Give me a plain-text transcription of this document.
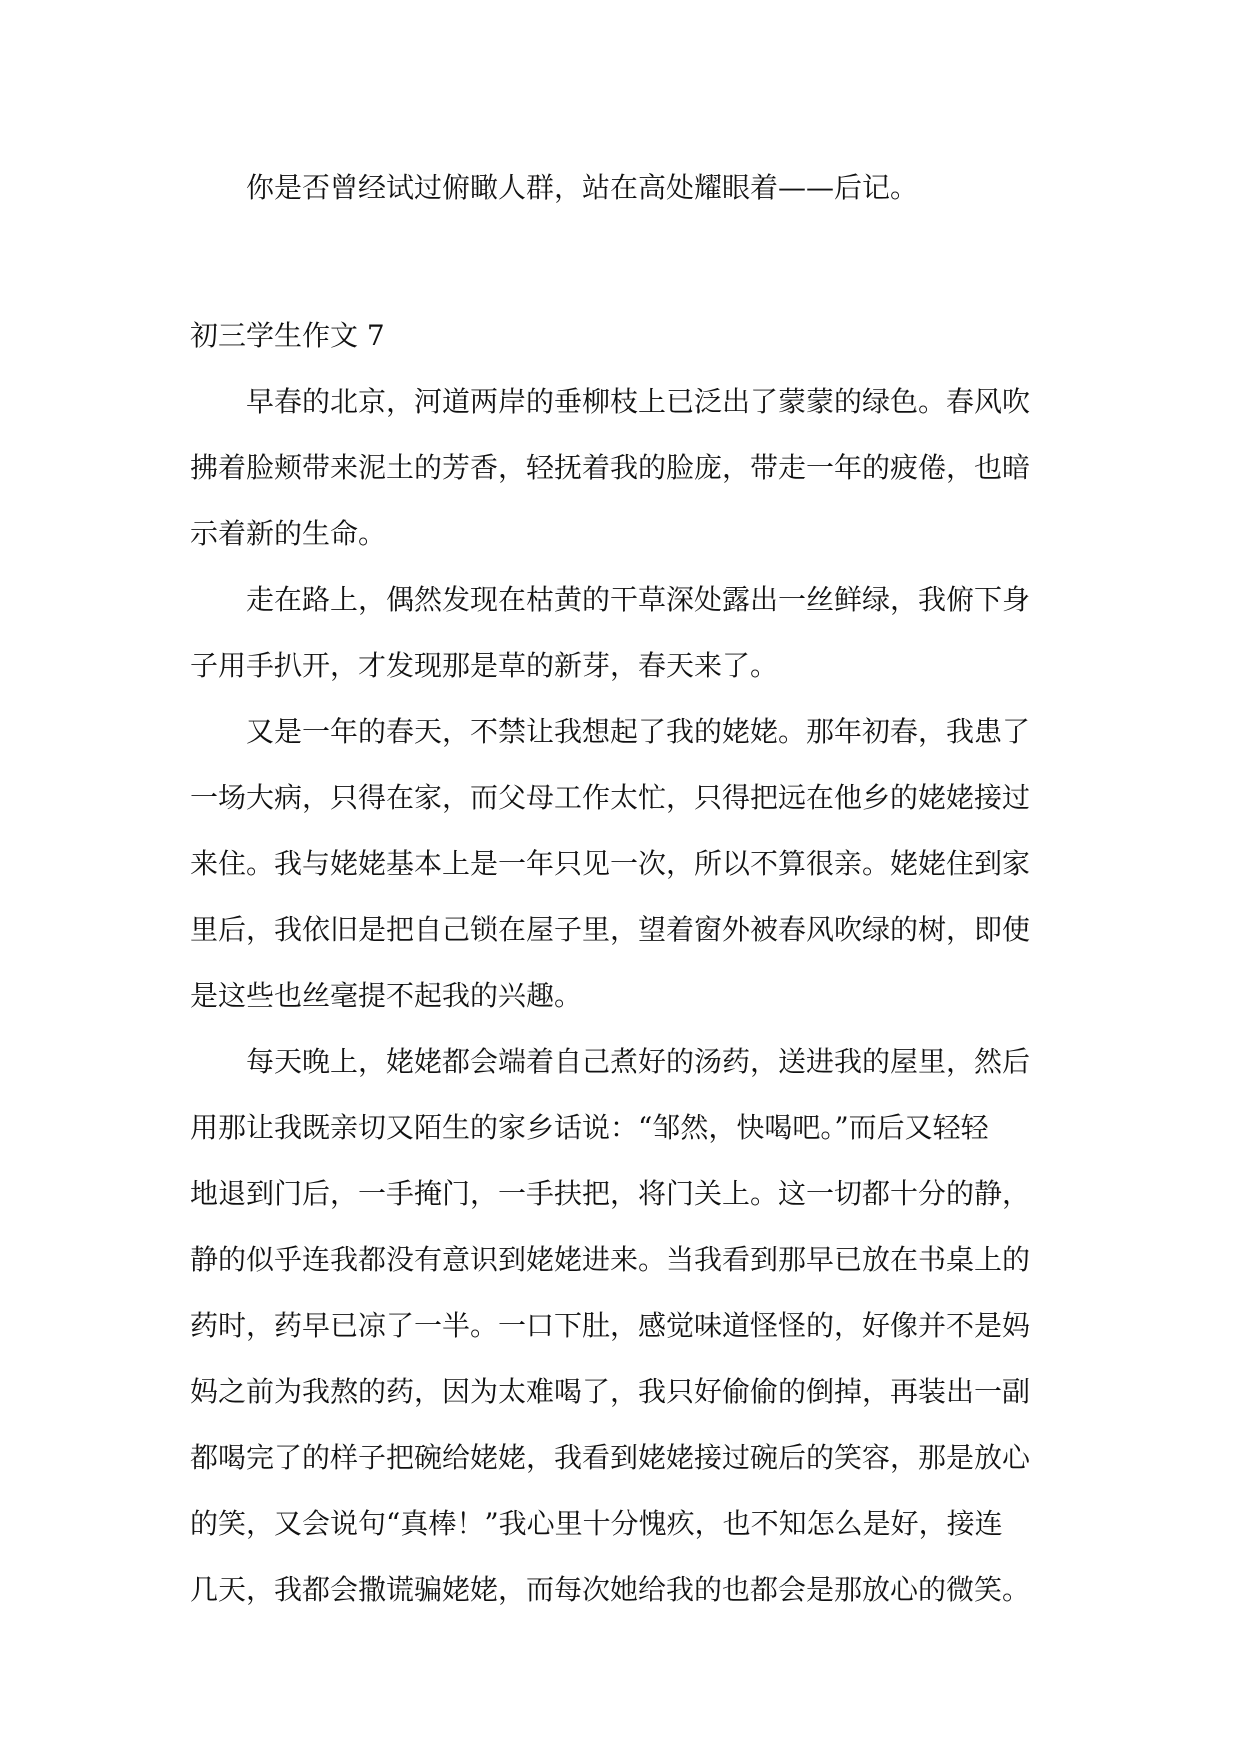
你是否曾经试过俯瞰人群，站在高处耀眼着——后记。

初三学生作文 7

早春的北京，河道两岸的垂柳枝上已泛出了蒙蒙的绿色。春风吹
拂着脸颊带来泥土的芳香，轻抚着我的脸庞，带走一年的疲倦，也暗
示着新的生命。

走在路上，偶然发现在枯黄的干草深处露出一丝鲜绿，我俯下身
子用手扒开，才发现那是草的新芽，春天来了。

又是一年的春天，不禁让我想起了我的姥姥。那年初春，我患了
一场大病，只得在家，而父母工作太忙，只得把远在他乡的姥姥接过
来住。我与姥姥基本上是一年只见一次，所以不算很亲。姥姥住到家
里后，我依旧是把自己锁在屋子里，望着窗外被春风吹绿的树，即使
是这些也丝毫提不起我的兴趣。

每天晚上，姥姥都会端着自己煮好的汤药，送进我的屋里，然后
用那让我既亲切又陌生的家乡话说：“邹然，快喝吧。”而后又轻轻
地退到门后，一手掩门，一手扶把，将门关上。这一切都十分的静，
静的似乎连我都没有意识到姥姥进来。当我看到那早已放在书桌上的
药时，药早已凉了一半。一口下肚，感觉味道怪怪的，好像并不是妈
妈之前为我熬的药，因为太难喝了，我只好偷偷的倒掉，再装出一副
都喝完了的样子把碗给姥姥，我看到姥姥接过碗后的笑容，那是放心
的笑，又会说句“真棒！”我心里十分愧疚，也不知怎么是好，接连
几天，我都会撒谎骗姥姥，而每次她给我的也都会是那放心的微笑。
